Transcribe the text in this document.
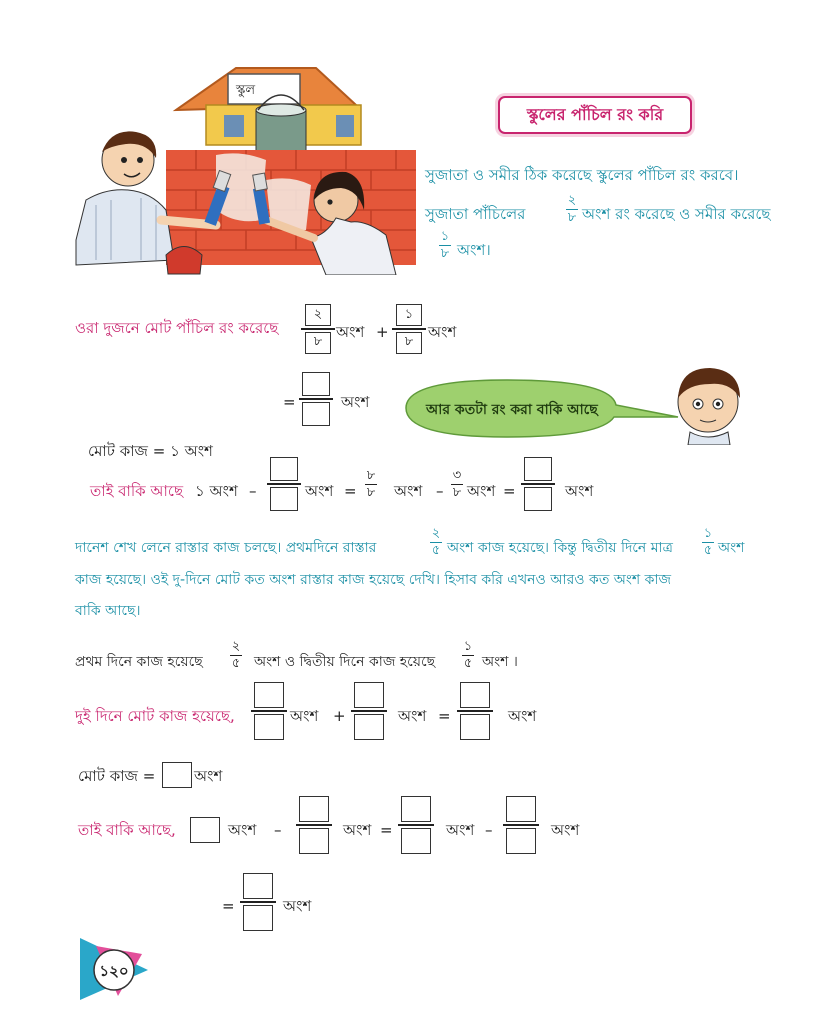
স্কুল
স্কুলের পাঁচিল রং করি
সুজাতা ও সমীর ঠিক করেছে স্কুলের পাঁচিল রং করবে।
সুজাতা পাঁচিলের
২
৮ অংশ রং করেছে ও সমীর করেছে
১
৮ অংশ।
ওরা দুজনে মোট পাঁচিল রং করেছে
২
৮
অংশ +
১
৮
অংশ
=	অংশ	আর কতটা রং করা বাকি আছে
মোট কাজ = ১ অংশ
তাই বাকি আছে ১ অংশ –	অংশ =
৮
৮ অংশ –
৩
৮ অংশ =	অংশ
দানেশ শেখ লেনে রাস্তার কাজ চলছে। প্রথমদিনে রাস্তার
২
৫ অংশ কাজ হয়েছে। কিন্তু দ্বিতীয় দিনে মাত্র
১
৫ অংশ
কাজ হয়েছে। ওই দু-দিনে মোট কত অংশ রাস্তার কাজ হয়েছে দেখি। হিসাব করি এখনও আরও কত অংশ কাজ
বাকি আছে।
প্রথম দিনে কাজ হয়েছে
২
৫ অংশ ও দ্বিতীয় দিনে কাজ হয়েছে
১
৫ অংশ ।
দুই দিনে মোট কাজ হয়েছে,	অংশ +	অংশ =	অংশ
মোট কাজ =	অংশ
তাই বাকি আছে,	অংশ –	অংশ =	অংশ –	অংশ
=	অংশ
১২০
